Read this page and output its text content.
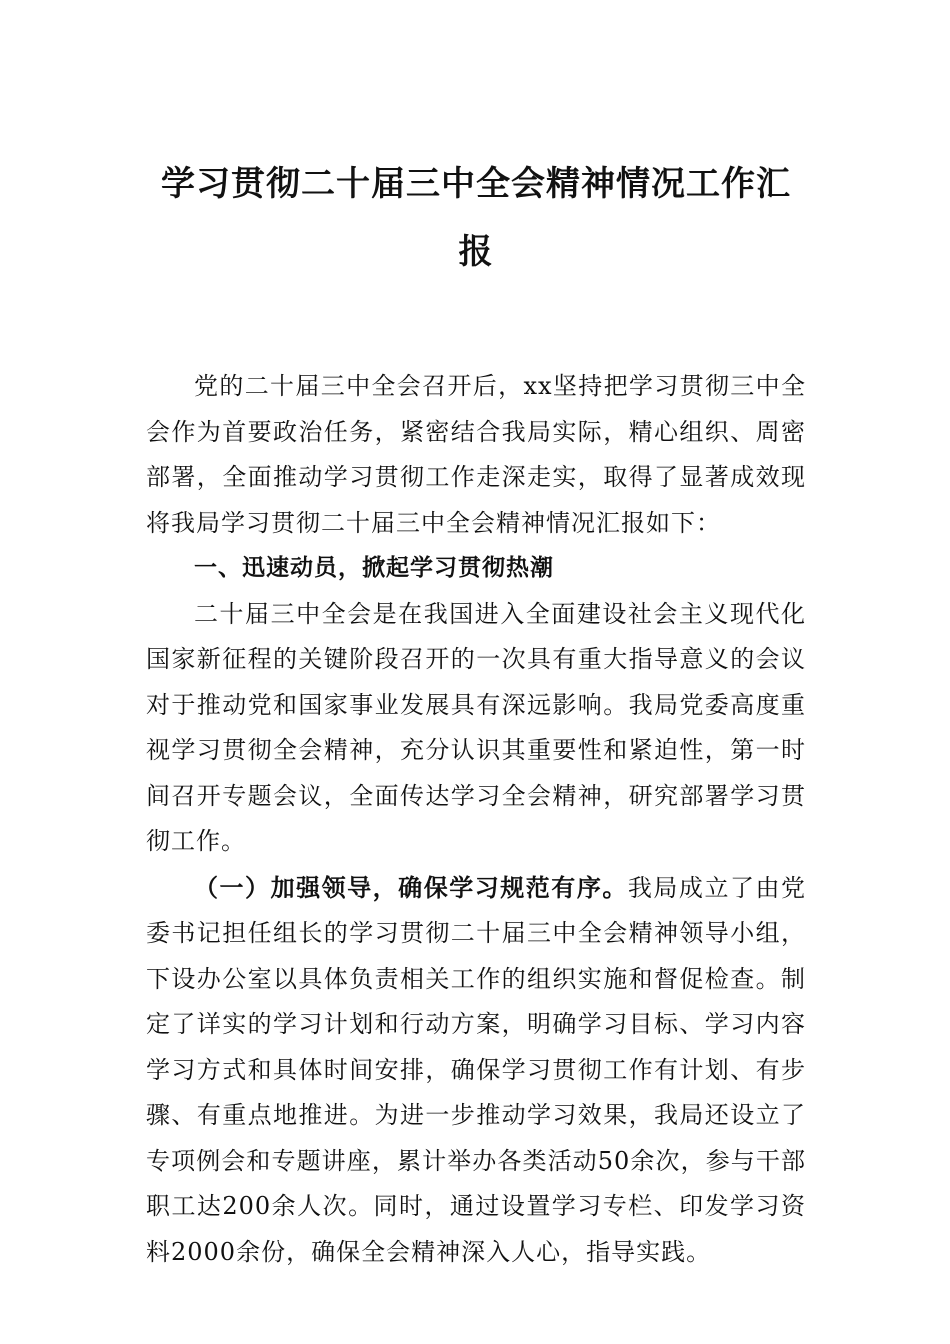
学习贯彻二十届三中全会精神情况工作汇报

党的二十届三中全会召开后，xx坚持把学习贯彻三中全会作为首要政治任务，紧密结合我局实际，精心组织、周密部署，全面推动学习贯彻工作走深走实，取得了显著成效现将我局学习贯彻二十届三中全会精神情况汇报如下：

一、迅速动员，掀起学习贯彻热潮

二十届三中全会是在我国进入全面建设社会主义现代化国家新征程的关键阶段召开的一次具有重大指导意义的会议对于推动党和国家事业发展具有深远影响。我局党委高度重视学习贯彻全会精神，充分认识其重要性和紧迫性，第一时间召开专题会议，全面传达学习全会精神，研究部署学习贯彻工作。

（一）加强领导，确保学习规范有序。我局成立了由党委书记担任组长的学习贯彻二十届三中全会精神领导小组，下设办公室以具体负责相关工作的组织实施和督促检查。制定了详实的学习计划和行动方案，明确学习目标、学习内容学习方式和具体时间安排，确保学习贯彻工作有计划、有步骤、有重点地推进。为进一步推动学习效果，我局还设立了专项例会和专题讲座，累计举办各类活动50余次，参与干部职工达200余人次。同时，通过设置学习专栏、印发学习资料2000余份，确保全会精神深入人心，指导实践。
